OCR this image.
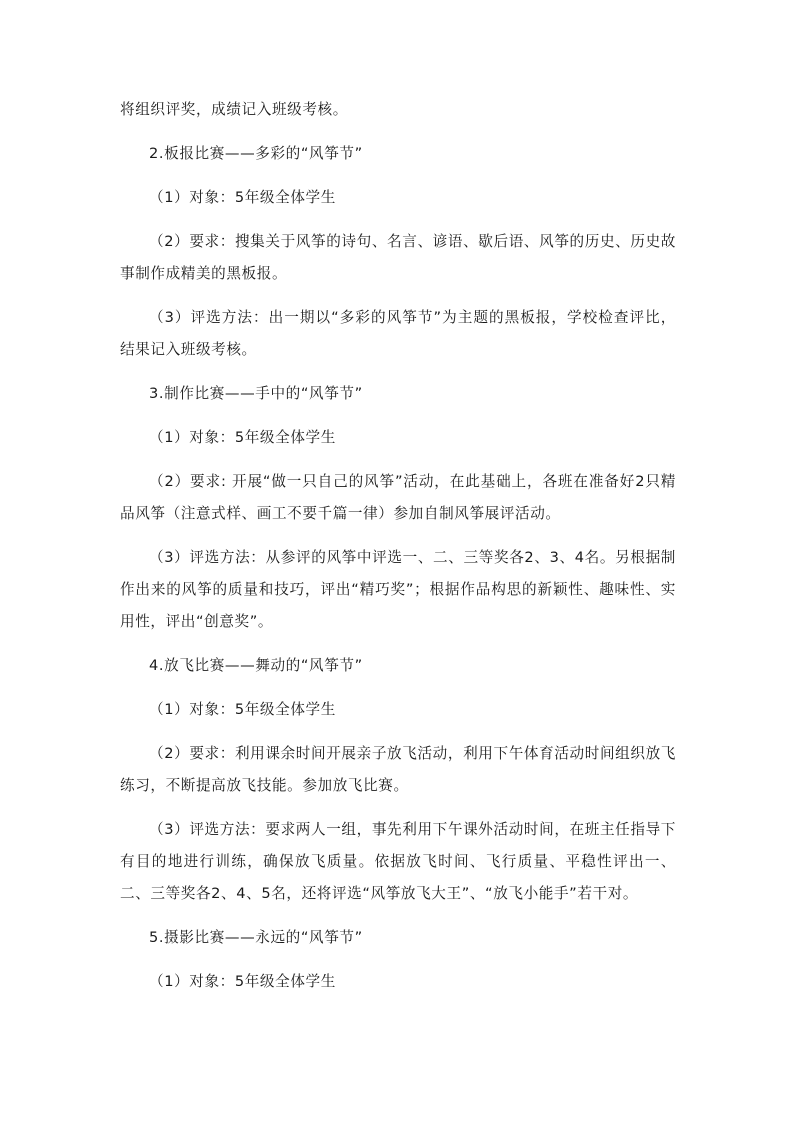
将组织评奖，成绩记入班级考核。

2.板报比赛——多彩的“风筝节”

（1）对象：5年级全体学生

（2）要求：搜集关于风筝的诗句、名言、谚语、歇后语、风筝的历史、历史故事制作成精美的黑板报。

（3）评选方法：出一期以“多彩的风筝节”为主题的黑板报，学校检查评比，结果记入班级考核。

3.制作比赛——手中的“风筝节”

（1）对象：5年级全体学生

（2）要求: 开展“做一只自己的风筝”活动，在此基础上，各班在准备好2只精品风筝（注意式样、画工不要千篇一律）参加自制风筝展评活动。

（3）评选方法：从参评的风筝中评选一、二、三等奖各2、3、4名。另根据制作出来的风筝的质量和技巧，评出“精巧奖”；根据作品构思的新颖性、趣味性、实用性，评出“创意奖”。

4.放飞比赛——舞动的“风筝节”

（1）对象：5年级全体学生

（2）要求：利用课余时间开展亲子放飞活动，利用下午体育活动时间组织放飞练习，不断提高放飞技能。参加放飞比赛。

（3）评选方法：要求两人一组，事先利用下午课外活动时间，在班主任指导下有目的地进行训练，确保放飞质量。依据放飞时间、飞行质量、平稳性评出一、二、三等奖各2、4、5名，还将评选“风筝放飞大王”、“放飞小能手”若干对。

5.摄影比赛——永远的“风筝节”

（1）对象：5年级全体学生
